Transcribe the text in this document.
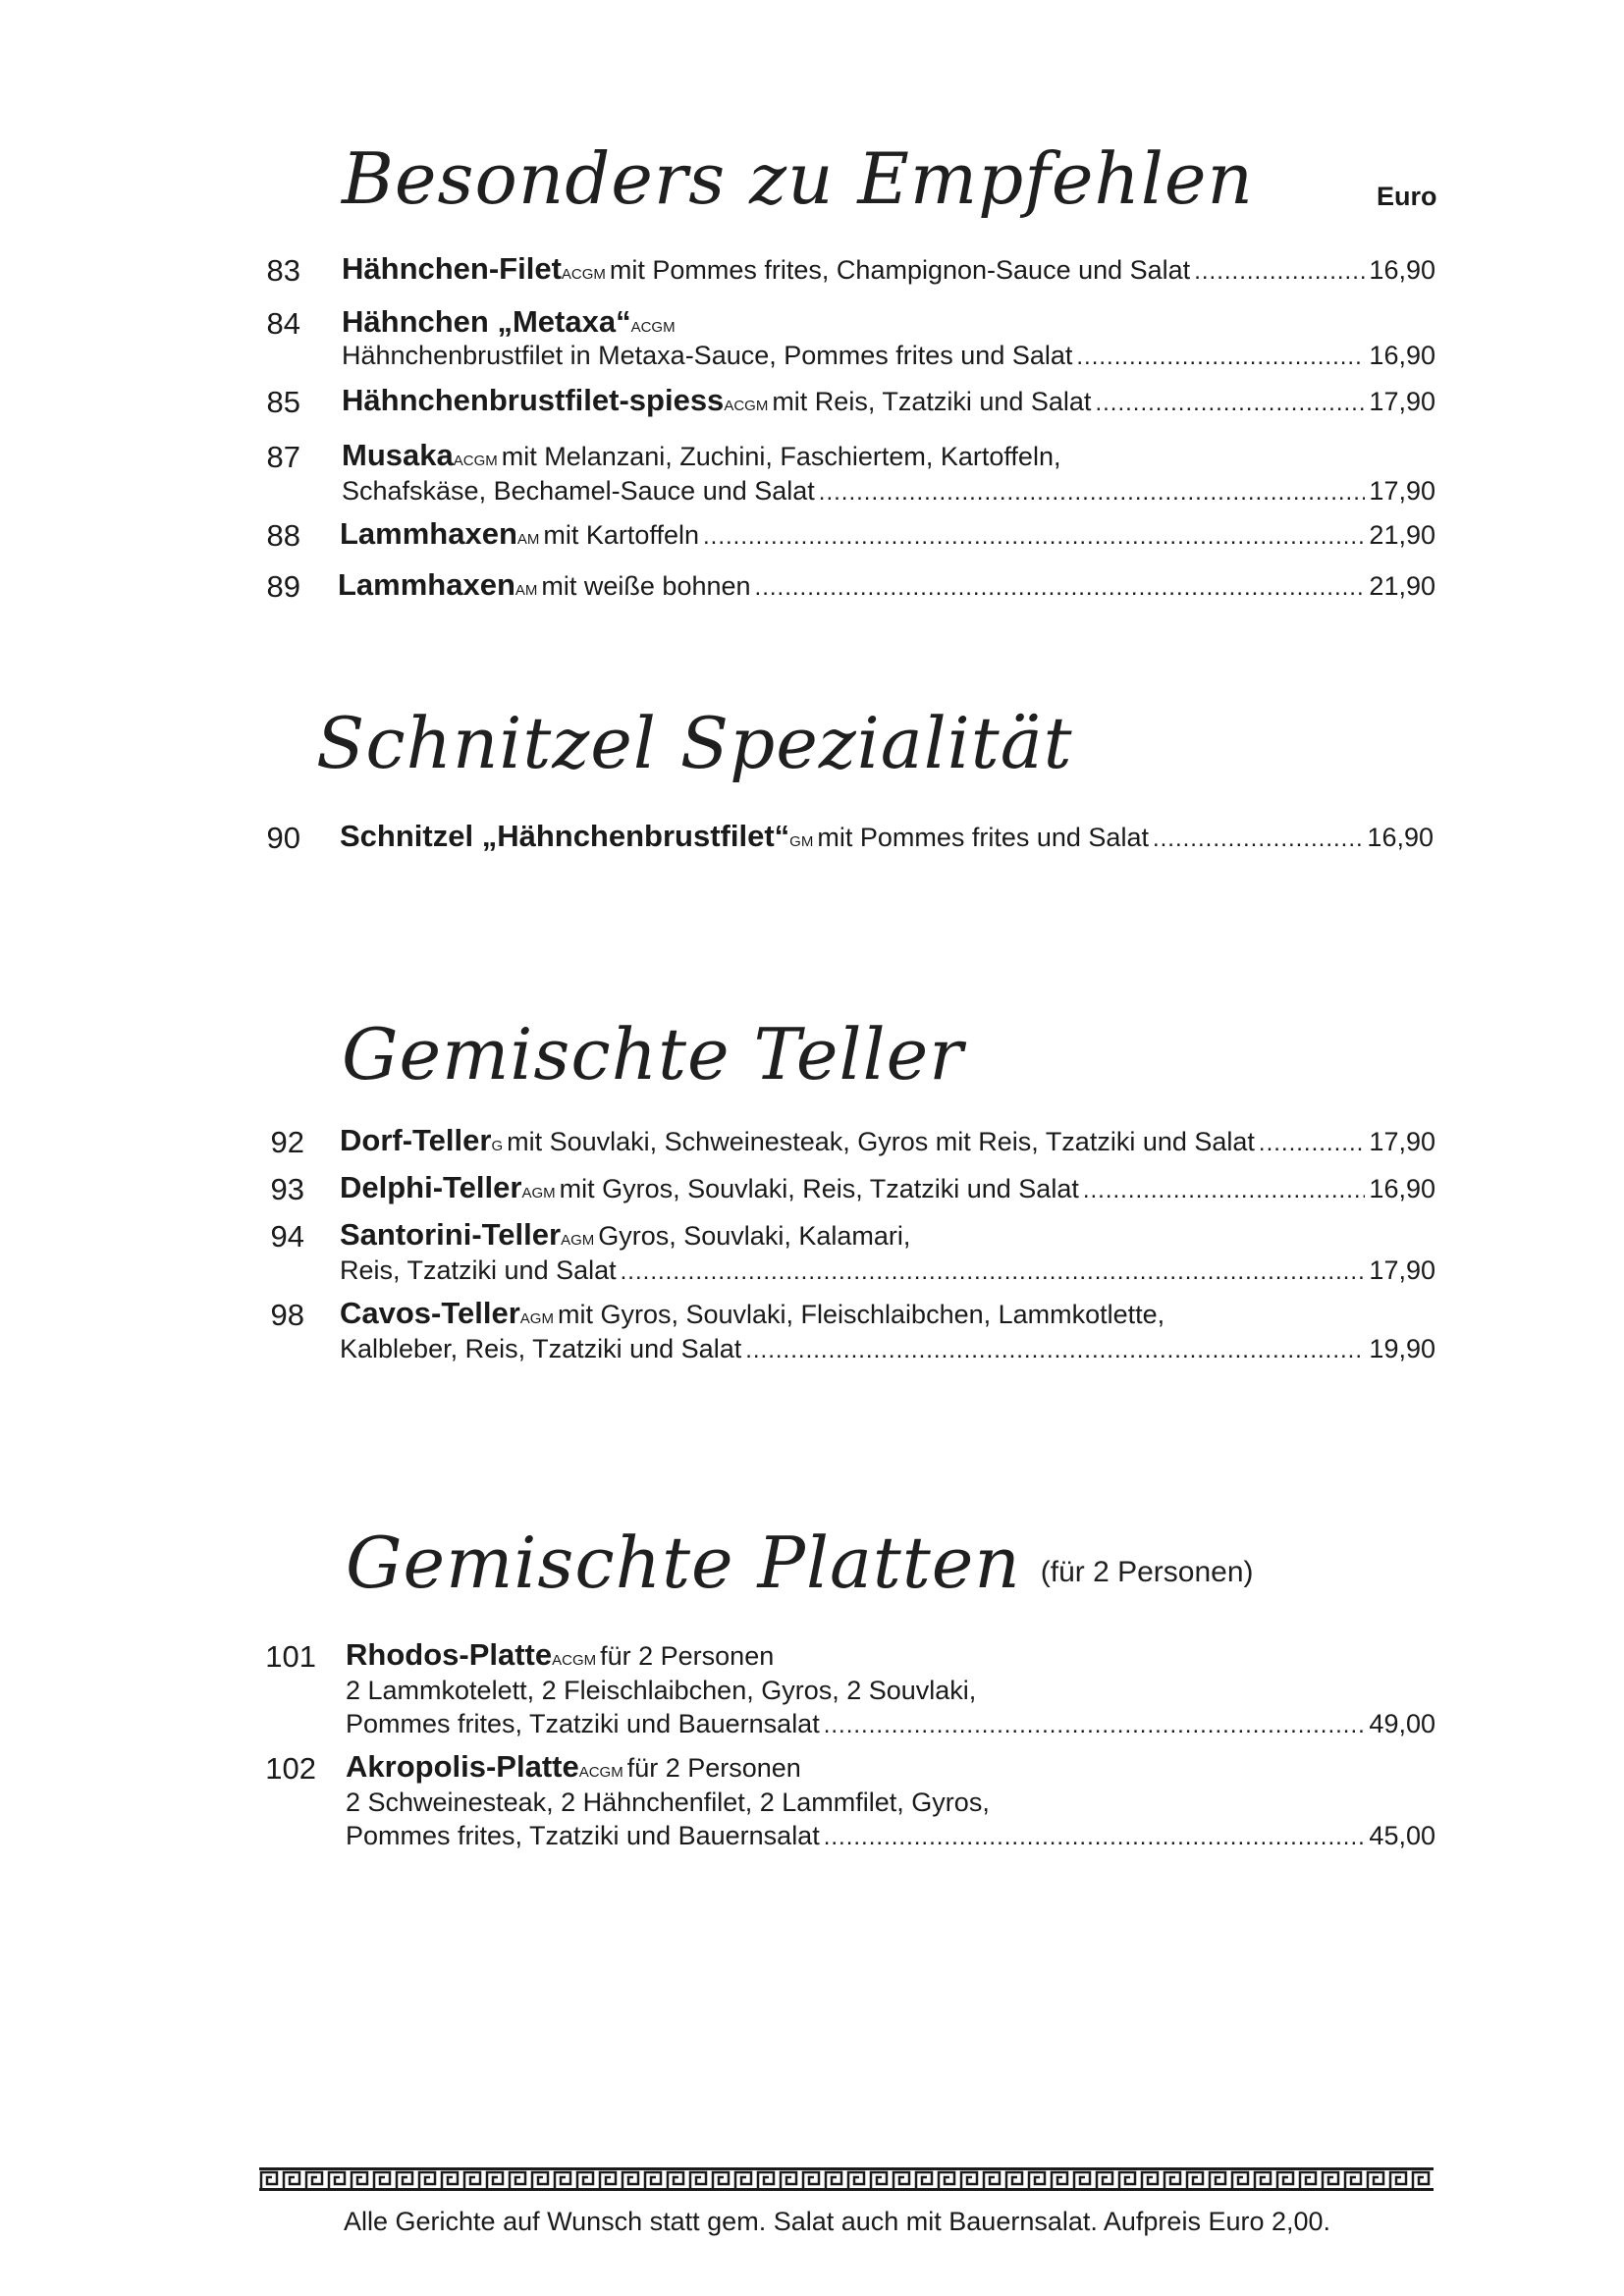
Besonders zu Empfehlen	Euro
83 Hähnchen-Filet$_{ACGM}$ mit Pommes frites, Champignon-Sauce und Salat .....	16,90
84 Hähnchen $„Metaxa“_{ACGM}$
Hähnchenbrustfilet in Metaxa-Sauce, Pommes frites und Salat .....	16,90
85 Hähnchenbrustfilet-spiess$_{ACGM}$ mit Reis, Tzatziki und Salat .....	17,90
87 Musaka$_{ACGM}$ mit Melanzani, Zuchini, Faschiertem, Kartoffeln,
Schafskäse, Bechamel-Sauce und Salat .....	17,90
88 Lammhaxen$_{AM}$ mit Kartoffeln .....	21,90
89 Lammhaxen$_{AM}$ mit weiße bohnen .....	21,90
Schnitzel Spezialität
90 Schnitzel $„Hähnchenbrustfilet“_{GM}$ mit Pommes frites und Salat .....	16,90
Gemischte Teller
92 Dorf-Teller$_G$ mit Souvlaki, Schweinesteak, Gyros mit Reis, Tzatziki und Salat .....	17,90
93 Delphi-Teller$_{AGM}$ mit Gyros, Souvlaki, Reis, Tzatziki und Salat .....	16,90
94 Santorini-Teller$_{AGM}$ Gyros, Souvlaki, Kalamari,
Reis, Tzatziki und Salat .....	17,90
98 Cavos-Teller$_{AGM}$ mit Gyros, Souvlaki, Fleischlaibchen, Lammkotlette,
Kalbleber, Reis, Tzatziki und Salat .....	19,90
Gemischte Platten $^{(für 2 Personen)}$
101 Rhodos-Platte$_{ACGM}$ für 2 Personen
2 Lammkotelett, 2 Fleischlaibchen, Gyros, 2 Souvlaki,
Pommes frites, Tzatziki und Bauernsalat .....	49,00
102 Akropolis-Platte$_{ACGM}$ für 2 Personen
2 Schweinesteak, 2 Hähnchenfilet, 2 Lammfilet, Gyros,
Pommes frites, Tzatziki und Bauernsalat .....	45,00
Alle Gerichte auf Wunsch statt gem. Salat auch mit Bauernsalat. Aufpreis Euro 2,00.
